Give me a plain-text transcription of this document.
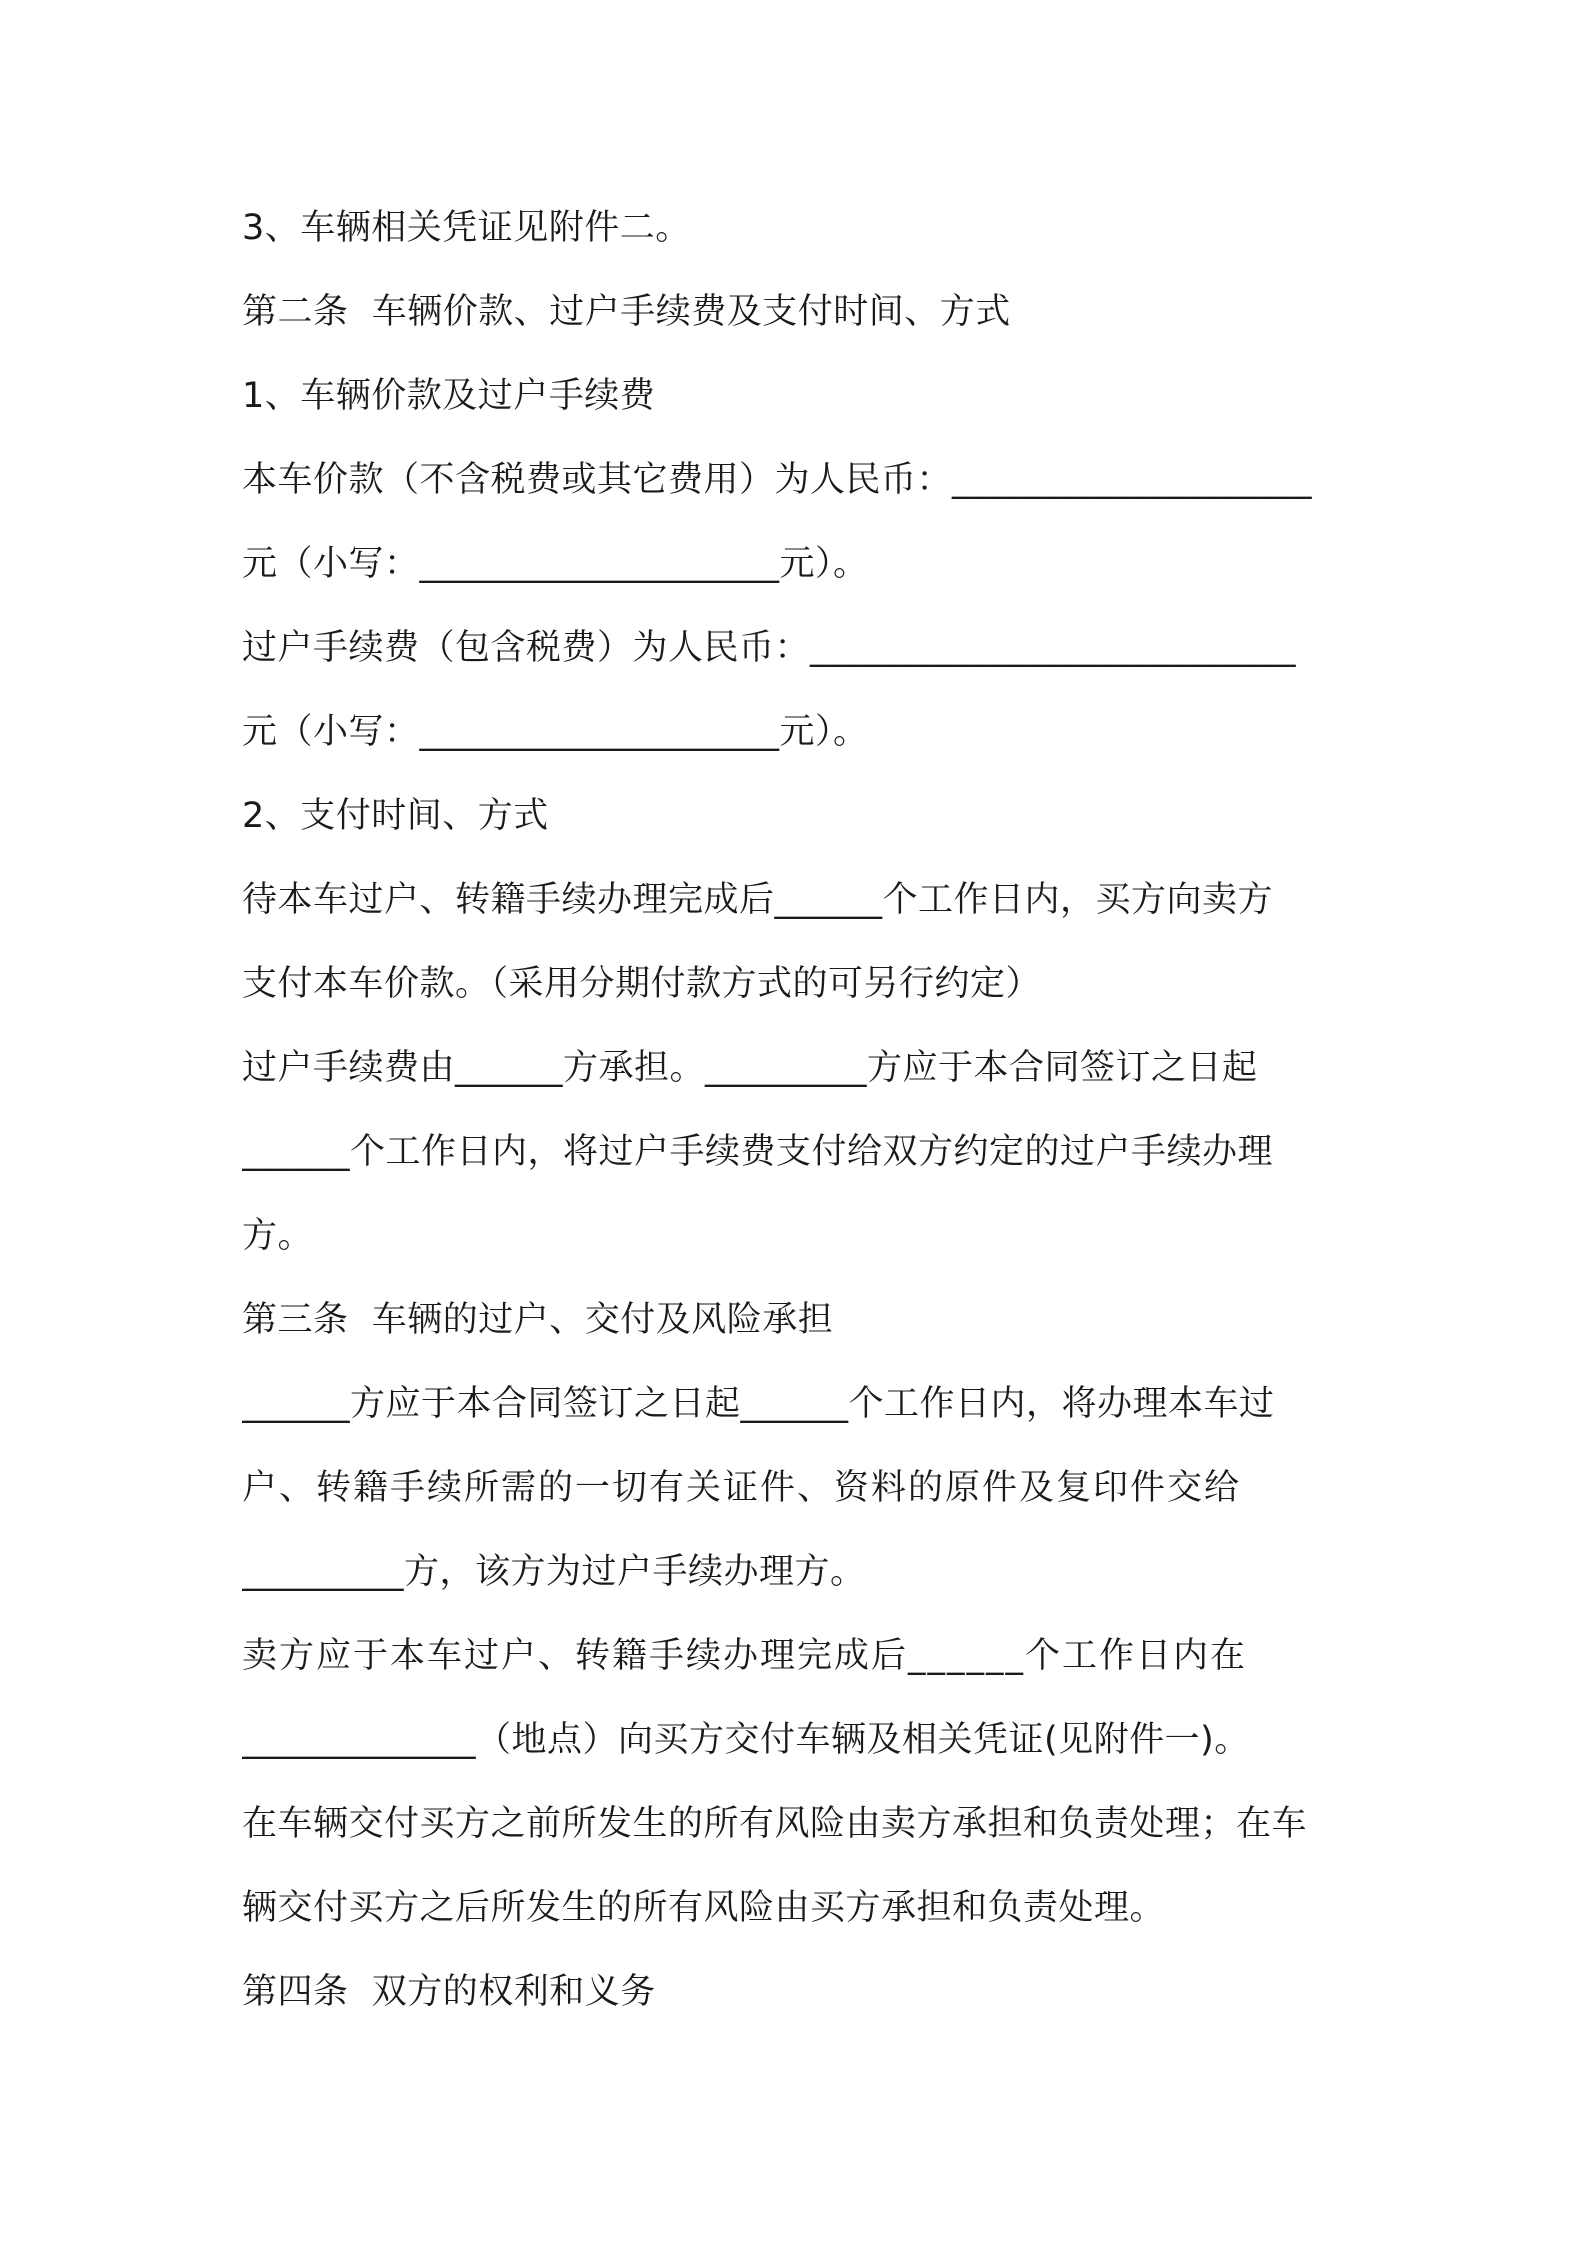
3、车辆相关凭证见附件二。
第二条  车辆价款、过户手续费及支付时间、方式
1、车辆价款及过户手续费
本车价款（不含税费或其它费用）为人民币：____________________
元（小写：____________________元）。
过户手续费（包含税费）为人民币：___________________________
元（小写：____________________元）。
2、支付时间、方式
待本车过户、转籍手续办理完成后______个工作日内，买方向卖方
支付本车价款。（采用分期付款方式的可另行约定）
过户手续费由______方承担。_________方应于本合同签订之日起
______个工作日内，将过户手续费支付给双方约定的过户手续办理
方。
第三条  车辆的过户、交付及风险承担
______方应于本合同签订之日起______个工作日内，将办理本车过
户、转籍手续所需的一切有关证件、资料的原件及复印件交给
_________方，该方为过户手续办理方。
卖方应于本车过户、转籍手续办理完成后______个工作日内在
_____________（地点）向买方交付车辆及相关凭证(见附件一)。
在车辆交付买方之前所发生的所有风险由卖方承担和负责处理；在车
辆交付买方之后所发生的所有风险由买方承担和负责处理。
第四条  双方的权利和义务
